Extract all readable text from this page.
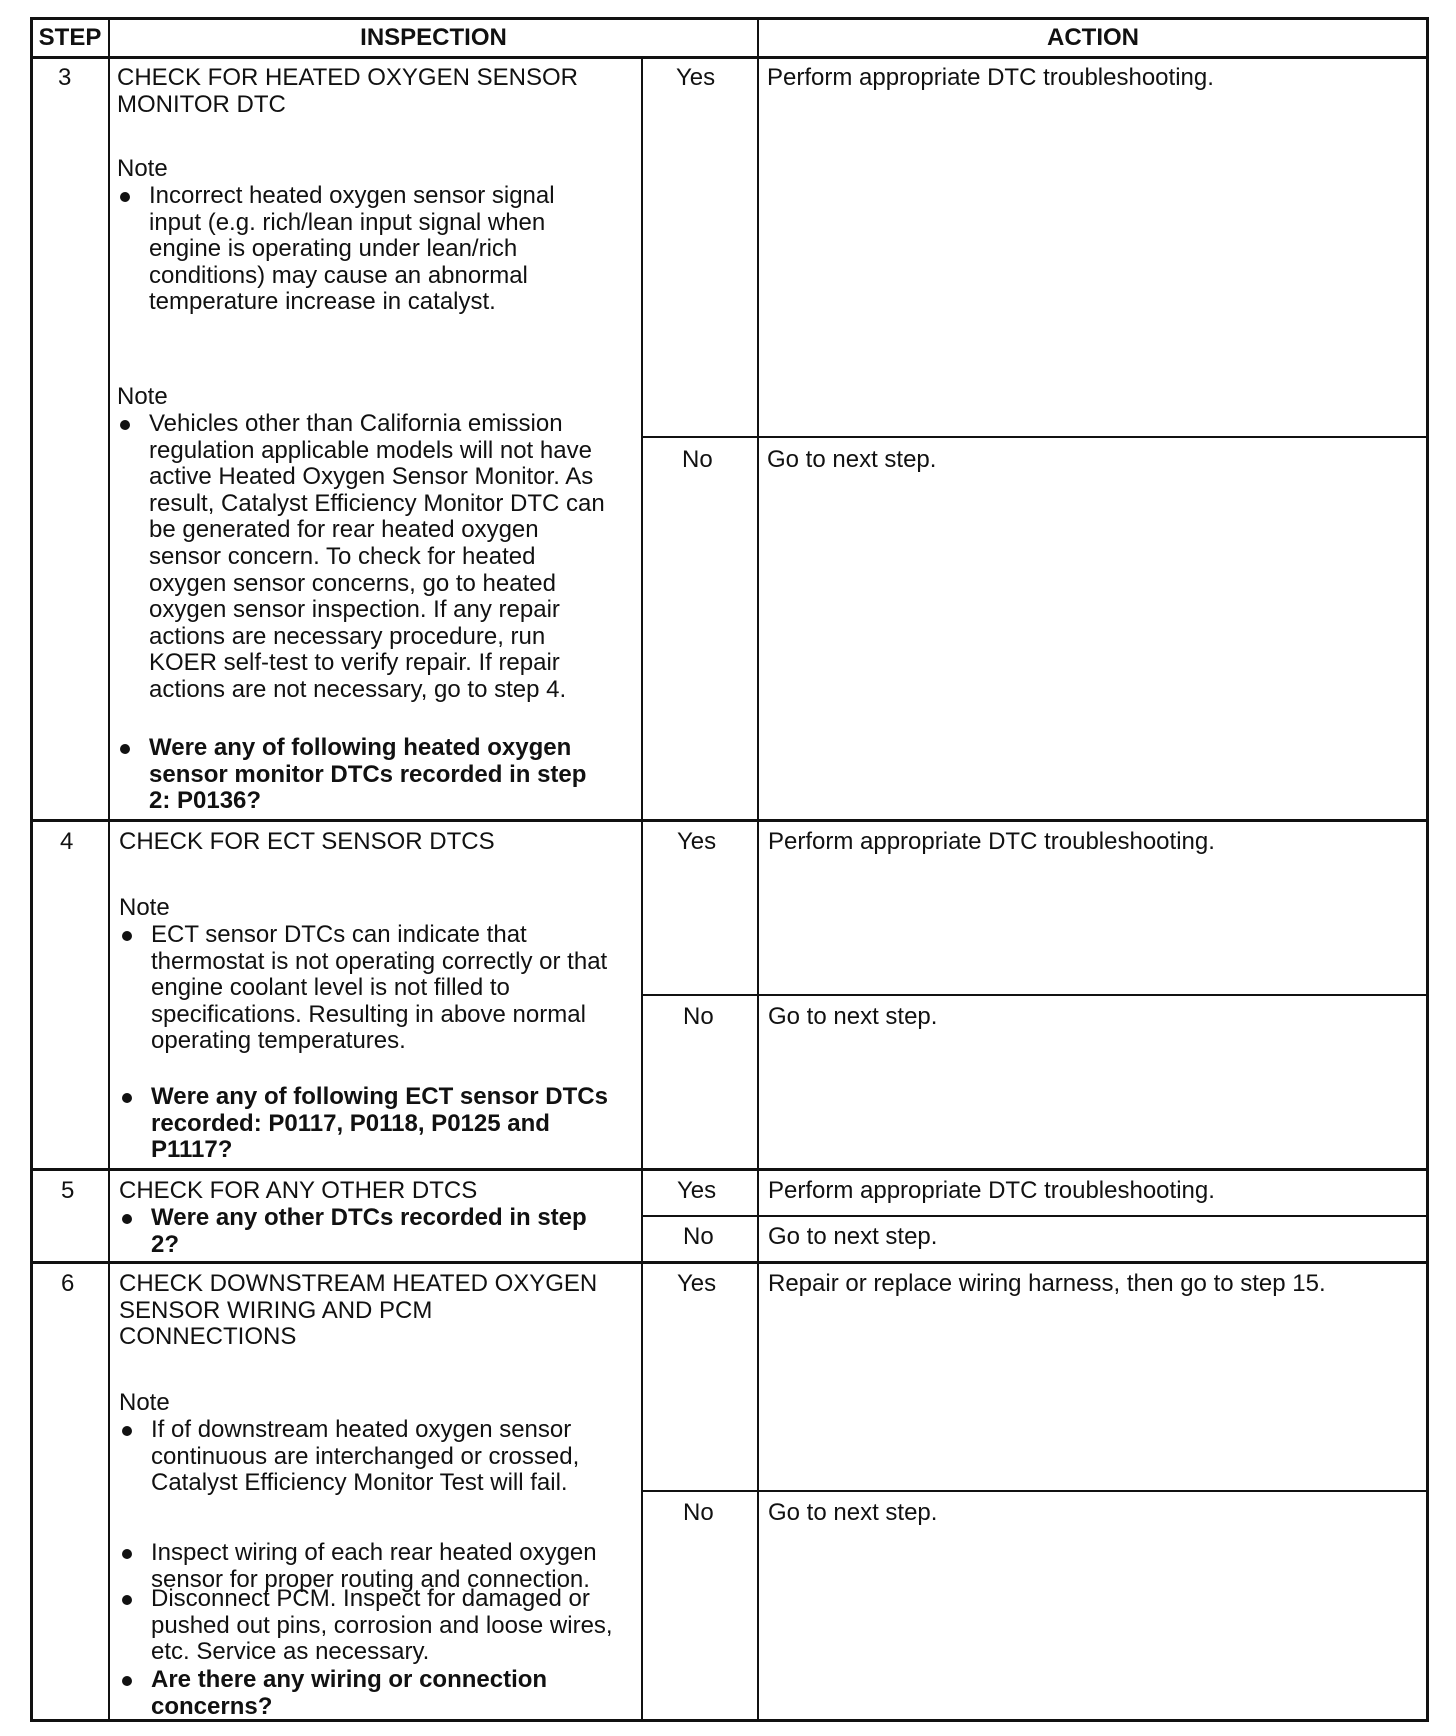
STEP	INSPECTION	ACTION
3 CHECK FOR HEATED OXYGEN SENSOR
MONITOR DTC
Note
Incorrect heated oxygen sensor signal
input (e.g. rich/lean input signal when
engine is operating under lean/rich
conditions) may cause an abnormal
temperature increase in catalyst.
Note
Vehicles other than California emission
regulation applicable models will not have
active Heated Oxygen Sensor Monitor. As
result, Catalyst Efficiency Monitor DTC can
be generated for rear heated oxygen
sensor concern. To check for heated
oxygen sensor concerns, go to heated
oxygen sensor inspection. If any repair
actions are necessary procedure, run
KOER self-test to verify repair. If repair
actions are not necessary, go to step 4.
Were any of following heated oxygen
sensor monitor DTCs recorded in step
2: P0136?
Yes Perform appropriate DTC troubleshooting.
No Go to next step.
4 CHECK FOR ECT SENSOR DTCS
Note
ECT sensor DTCs can indicate that
thermostat is not operating correctly or that
engine coolant level is not filled to
specifications. Resulting in above normal
operating temperatures.
Were any of following ECT sensor DTCs
recorded: P0117, P0118, P0125 and
P1117?
Yes Perform appropriate DTC troubleshooting.
No Go to next step.
5 CHECK FOR ANY OTHER DTCS
Were any other DTCs recorded in step
2?
Yes Perform appropriate DTC troubleshooting.
No Go to next step.
6 CHECK DOWNSTREAM HEATED OXYGEN
SENSOR WIRING AND PCM
CONNECTIONS
Note
If of downstream heated oxygen sensor
continuous are interchanged or crossed,
Catalyst Efficiency Monitor Test will fail.
Inspect wiring of each rear heated oxygen
sensor for proper routing and connection.
Disconnect PCM. Inspect for damaged or
pushed out pins, corrosion and loose wires,
etc. Service as necessary.
Are there any wiring or connection
concerns?
Yes Repair or replace wiring harness, then go to step 15.
No Go to next step.
